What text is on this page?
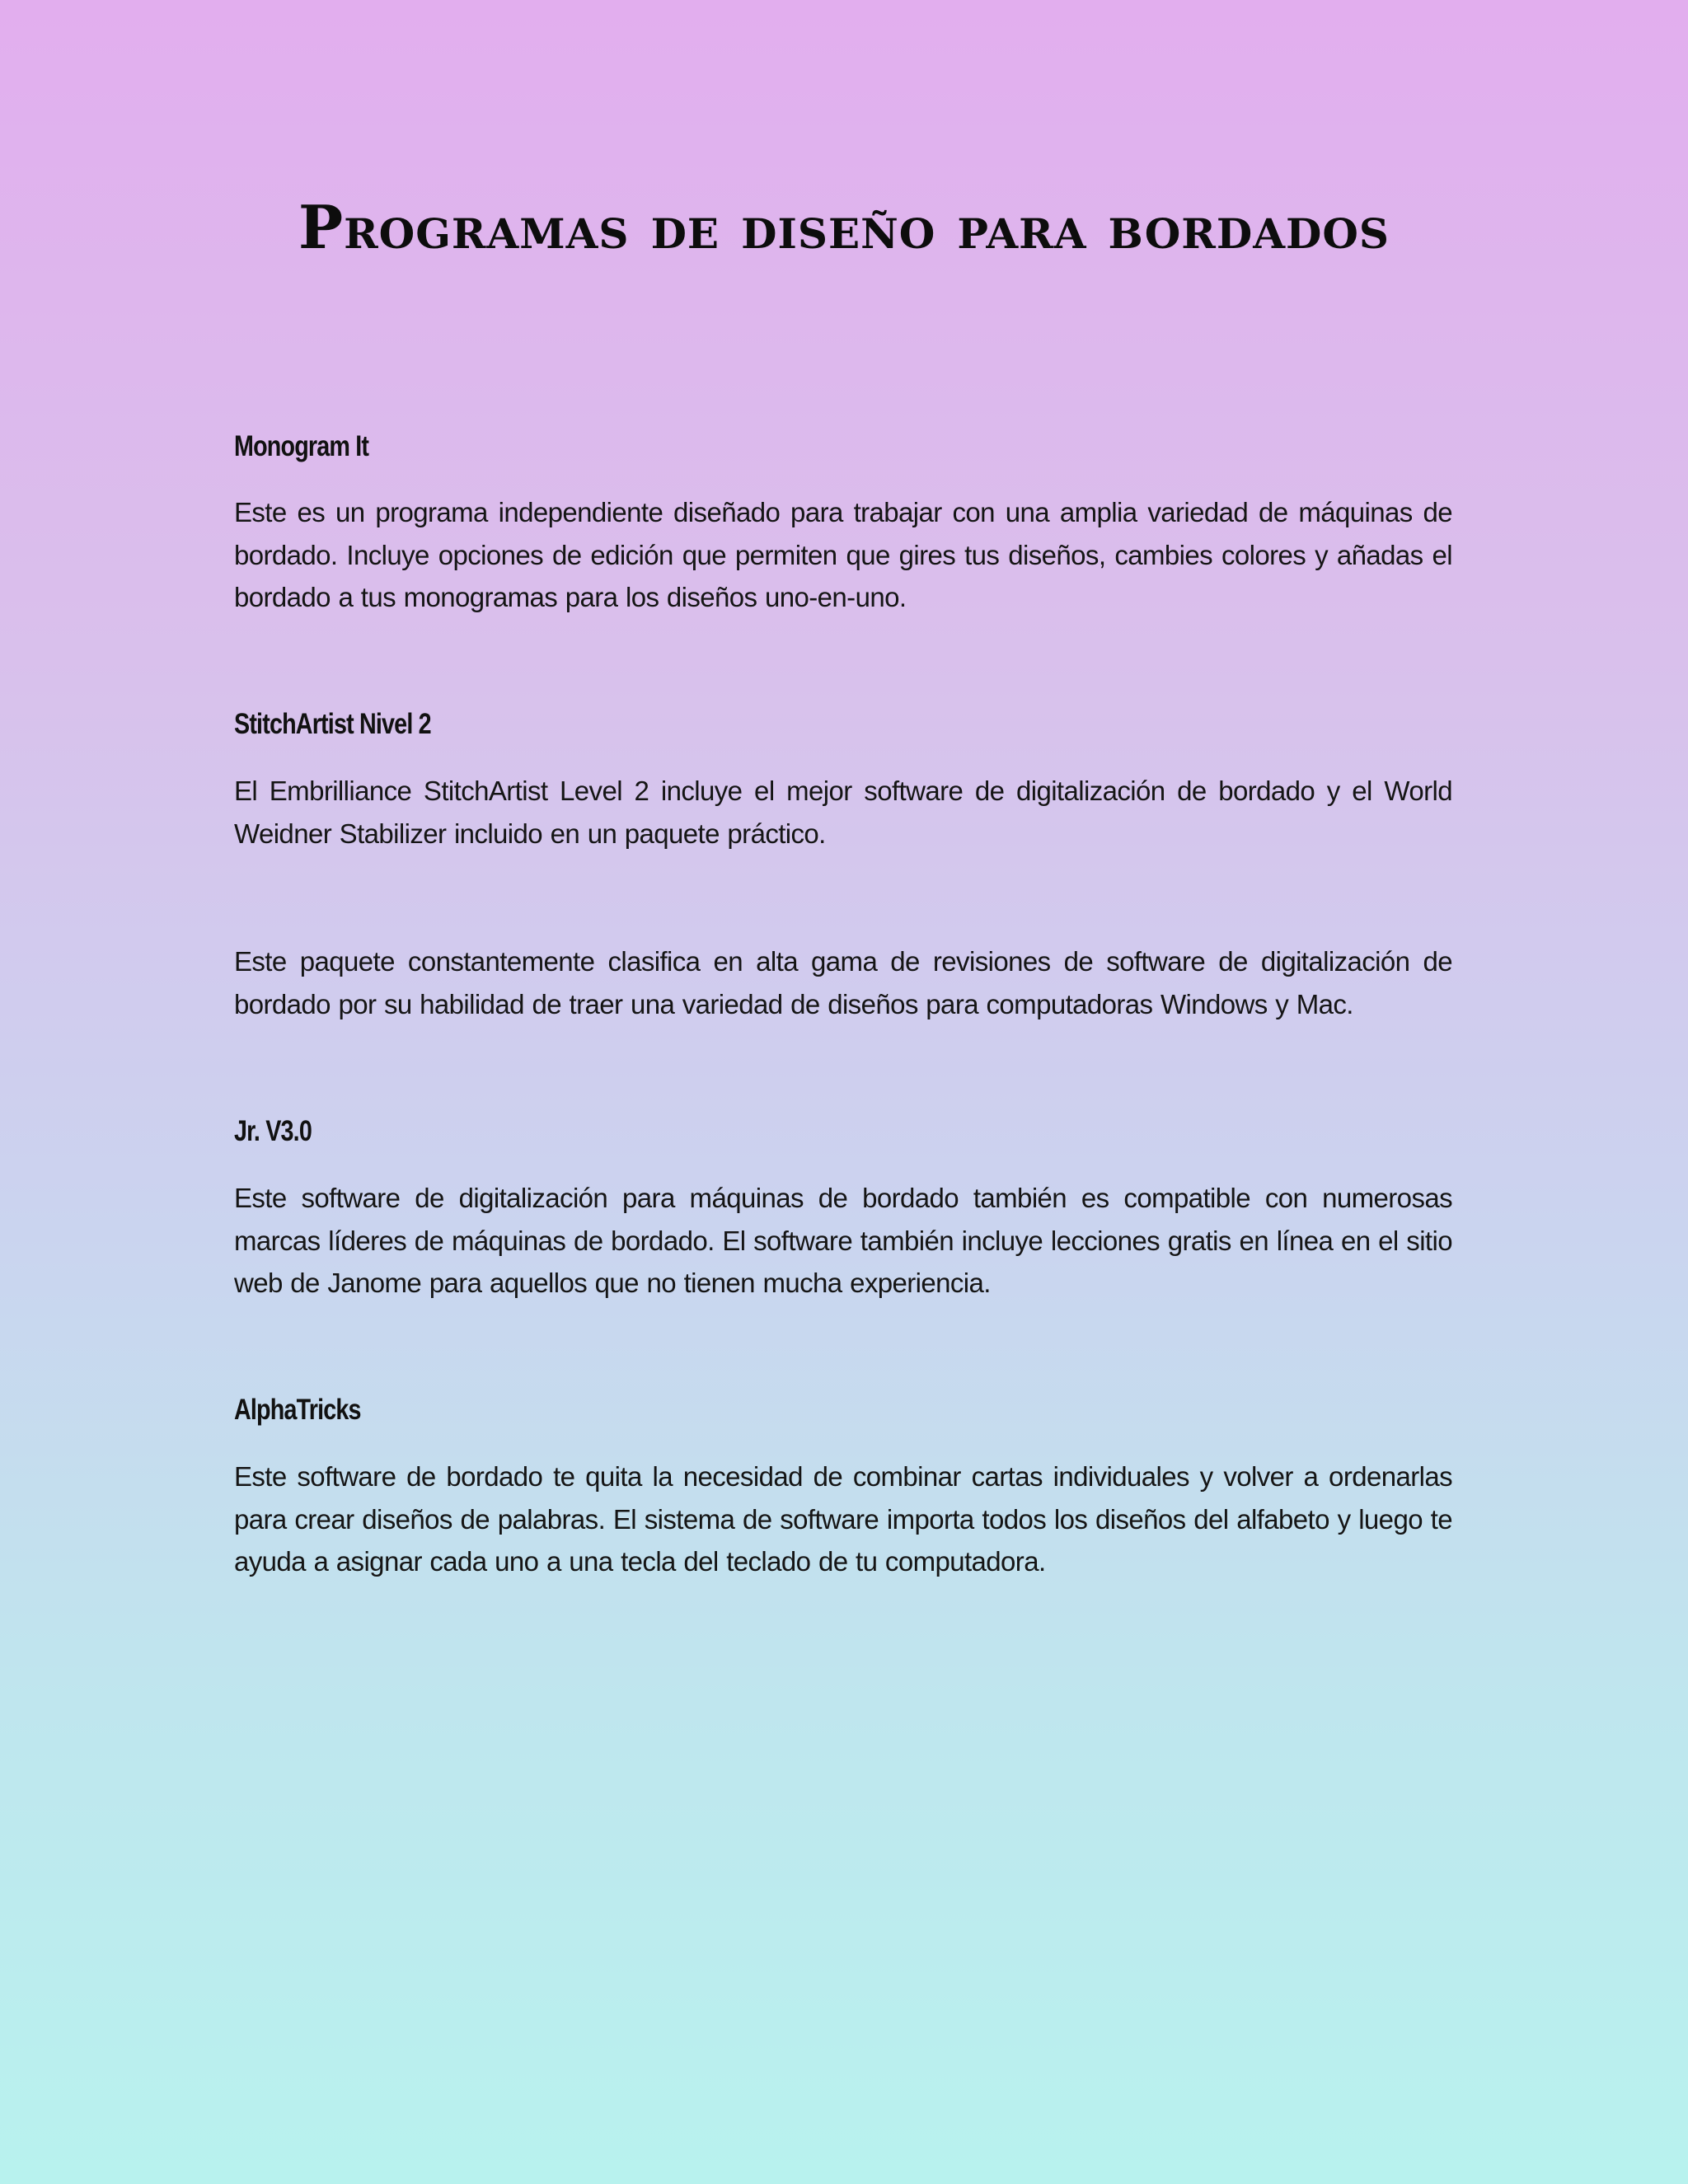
Programas de diseño para bordados
Monogram It

Este es un programa independiente diseñado para trabajar con una amplia variedad de máquinas de bordado. Incluye opciones de edición que permiten que gires tus diseños, cambies colores y añadas el bordado a tus monogramas para los diseños uno-en-uno.

StitchArtist Nivel 2

El Embrilliance StitchArtist Level 2 incluye el mejor software de digitalización de bordado y el World Weidner Stabilizer incluido en un paquete práctico.

Este paquete constantemente clasifica en alta gama de revisiones de software de digitalización de bordado por su habilidad de traer una variedad de diseños para computadoras Windows y Mac.

Jr. V3.0

Este software de digitalización para máquinas de bordado también es compatible con numerosas marcas líderes de máquinas de bordado. El software también incluye lecciones gratis en línea en el sitio web de Janome para aquellos que no tienen mucha experiencia.

AlphaTricks

Este software de bordado te quita la necesidad de combinar cartas individuales y volver a ordenarlas para crear diseños de palabras. El sistema de software importa todos los diseños del alfabeto y luego te ayuda a asignar cada uno a una tecla del teclado de tu computadora.
